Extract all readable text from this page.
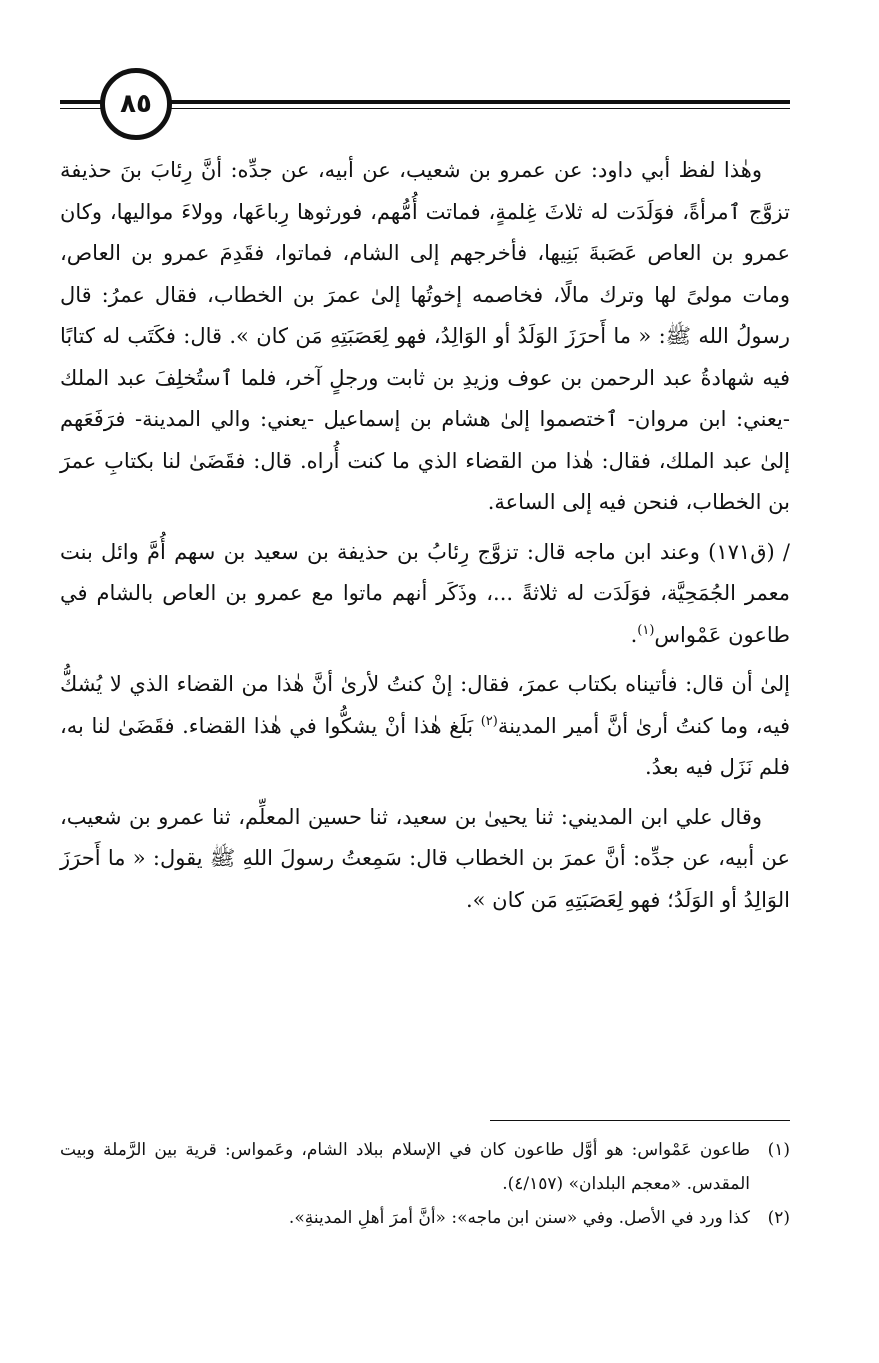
٨٥

وهٰذا لفظ أبي داود: عن عمرو بن شعيب، عن أبيه، عن جدِّه: أنَّ رِئابَ بنَ حذيفة تزوَّج ٱمرأةً، فوَلَدَت له ثلاثَ غِلمةٍ، فماتت أُمُّهم، فورثوها رِباعَها، وولاءَ مواليها، وكان عمرو بن العاص عَصَبةَ بَنِيها، فأخرجهم إلى الشام، فماتوا، فقَدِمَ عمرو بن العاص، ومات مولىً لها وترك مالًا، فخاصمه إخوتُها إلىٰ عمرَ بن الخطاب، فقال عمرُ: قال رسولُ الله ﷺ: « ما أَحرَزَ الوَلَدُ أو الوَالِدُ، فهو لِعَصَبَتِهِ مَن كان ». قال: فكَتَب له كتابًا فيه شهادةُ عبد الرحمن بن عوف وزيدِ بن ثابت ورجلٍ آخر، فلما ٱستُخلِفَ عبد الملك -يعني: ابن مروان- ٱختصموا إلىٰ هشام بن إسماعيل -يعني: والي المدينة- فرَفَعَهم إلىٰ عبد الملك، فقال: هٰذا من القضاء الذي ما كنت أُراه. قال: فقَضَىٰ لنا بكتابِ عمرَ بن الخطاب، فنحن فيه إلى الساعة.

/ (ق١٧١) وعند ابن ماجه قال: تزوَّج رِئابُ بن حذيفة بن سعيد بن سهم أُمَّ وائل بنت معمر الجُمَحِيَّة، فوَلَدَت له ثلاثةً ...، وذَكَر أنهم ماتوا مع عمرو بن العاص بالشام في طاعون عَمْواس$^{(١)}$.

إلىٰ أن قال: فأتيناه بكتاب عمرَ، فقال: إنْ كنتُ لأرىٰ أنَّ هٰذا من القضاء الذي لا يُشكُّ فيه، وما كنتُ أرىٰ أنَّ أمير المدينة$^{(٢)}$ بَلَغ هٰذا أنْ يشكُّوا في هٰذا القضاء. فقَضَىٰ لنا به، فلم نَزَل فيه بعدُ.

وقال علي ابن المديني: ثنا يحيىٰ بن سعيد، ثنا حسين المعلِّم، ثنا عمرو بن شعيب، عن أبيه، عن جدِّه: أنَّ عمرَ بن الخطاب قال: سَمِعتُ رسولَ اللهِ ﷺ يقول: « ما أَحرَزَ الوَالِدُ أو الوَلَدُ؛ فهو لِعَصَبَتِهِ مَن كان ».

(١)
طاعون عَمْواس: هو أوَّل طاعون كان في الإسلام ببلاد الشام، وعَمواس: قرية بين الرَّملة وبيت المقدس. «معجم البلدان» (٤/١٥٧).
(٢)
كذا ورد في الأصل. وفي «سنن ابن ماجه»: «أنَّ أمرَ أهلِ المدينةِ».
